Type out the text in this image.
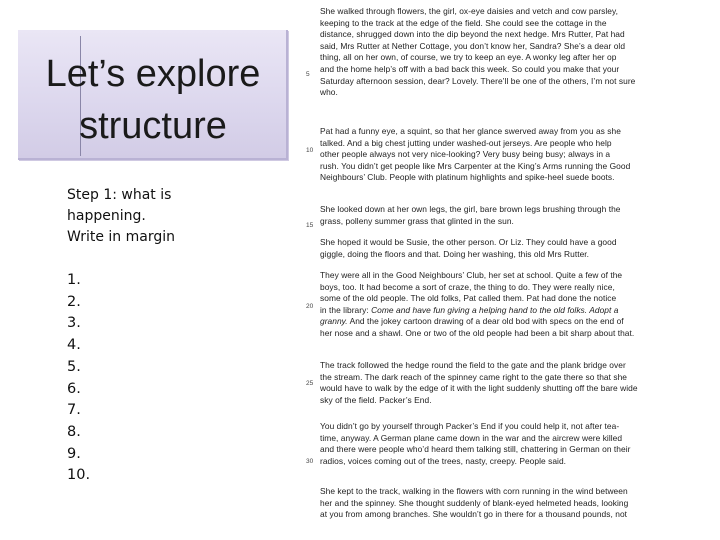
Let’s explore
structure
Step 1: what is
happening.
Write in margin
1.
2.
3.
4.
5.
6.
7.
8.
9.
10.
5
10
15
20
25
30
She walked through flowers, the girl, ox-eye daisies and vetch and cow parsley,
keeping to the track at the edge of the field. She could see the cottage in the
distance, shrugged down into the dip beyond the next hedge. Mrs Rutter, Pat had
said, Mrs Rutter at Nether Cottage, you don’t know her, Sandra? She’s a dear old
thing, all on her own, of course, we try to keep an eye. A wonky leg after her op
and the home help’s off with a bad back this week. So could you make that your
Saturday afternoon session, dear? Lovely. There’ll be one of the others, I’m not sure
who.
Pat had a funny eye, a squint, so that her glance swerved away from you as she
talked. And a big chest jutting under washed-out jerseys. Are people who help
other people always not very nice-looking? Very busy being busy; always in a
rush. You didn’t get people like Mrs Carpenter at the King’s Arms running the Good
Neighbours’ Club. People with platinum highlights and spike-heel suede boots.
She looked down at her own legs, the girl, bare brown legs brushing through the
grass, polleny summer grass that glinted in the sun.
She hoped it would be Susie, the other person. Or Liz. They could have a good
giggle, doing the floors and that. Doing her washing, this old Mrs Rutter.
They were all in the Good Neighbours’ Club, her set at school. Quite a few of the
boys, too. It had become a sort of craze, the thing to do. They were really nice,
some of the old people. The old folks, Pat called them. Pat had done the notice
in the library: Come and have fun giving a helping hand to the old folks. Adopt a
granny. And the jokey cartoon drawing of a dear old bod with specs on the end of
her nose and a shawl. One or two of the old people had been a bit sharp about that.
The track followed the hedge round the field to the gate and the plank bridge over
the stream. The dark reach of the spinney came right to the gate there so that she
would have to walk by the edge of it with the light suddenly shutting off the bare wide
sky of the field. Packer’s End.
You didn’t go by yourself through Packer’s End if you could help it, not after tea-
time, anyway. A German plane came down in the war and the aircrew were killed
and there were people who’d heard them talking still, chattering in German on their
radios, voices coming out of the trees, nasty, creepy. People said.
She kept to the track, walking in the flowers with corn running in the wind between
her and the spinney. She thought suddenly of blank-eyed helmeted heads, looking
at you from among branches. She wouldn’t go in there for a thousand pounds, not
